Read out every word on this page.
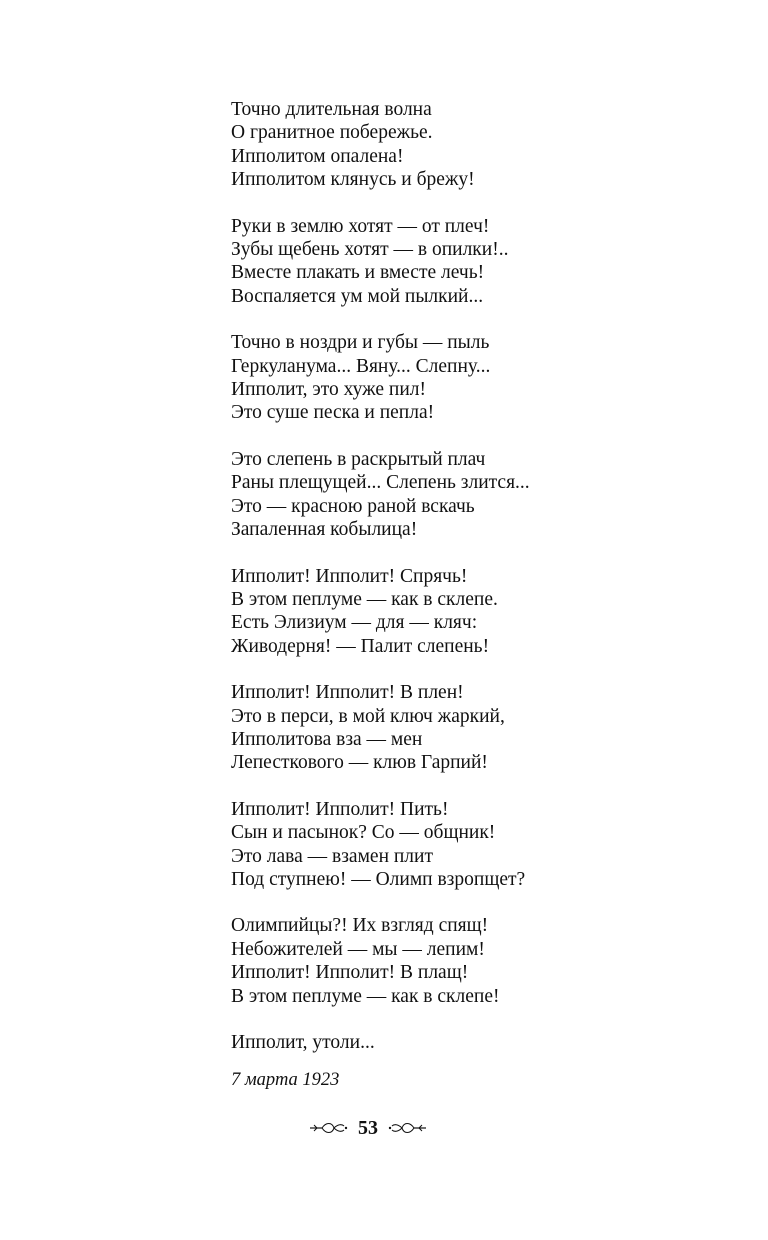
Точно длительная волна
О гранитное побережье.
Ипполитом опалена!
Ипполитом клянусь и брежу!
Руки в землю хотят — от плеч!
Зубы щебень хотят — в опилки!..
Вместе плакать и вместе лечь!
Воспаляется ум мой пылкий...
Точно в ноздри и губы — пыль
Геркуланума... Вяну... Слепну...
Ипполит, это хуже пил!
Это суше песка и пепла!
Это слепень в раскрытый плач
Раны плещущей... Слепень злится...
Это — красною раной вскачь
Запаленная кобылица!
Ипполит! Ипполит! Спрячь!
В этом пеплуме — как в склепе.
Есть Элизиум — для — кляч:
Живодерня! — Палит слепень!
Ипполит! Ипполит! В плен!
Это в перси, в мой ключ жаркий,
Ипполитова вза — мен
Лепесткового — клюв Гарпий!
Ипполит! Ипполит! Пить!
Сын и пасынок? Со — общник!
Это лава — взамен плит
Под ступнею! — Олимп взропщет?
Олимпийцы?! Их взгляд спящ!
Небожителей — мы — лепим!
Ипполит! Ипполит! В плащ!
В этом пеплуме — как в склепе!
Ипполит, утоли...
7 марта 1923
53
